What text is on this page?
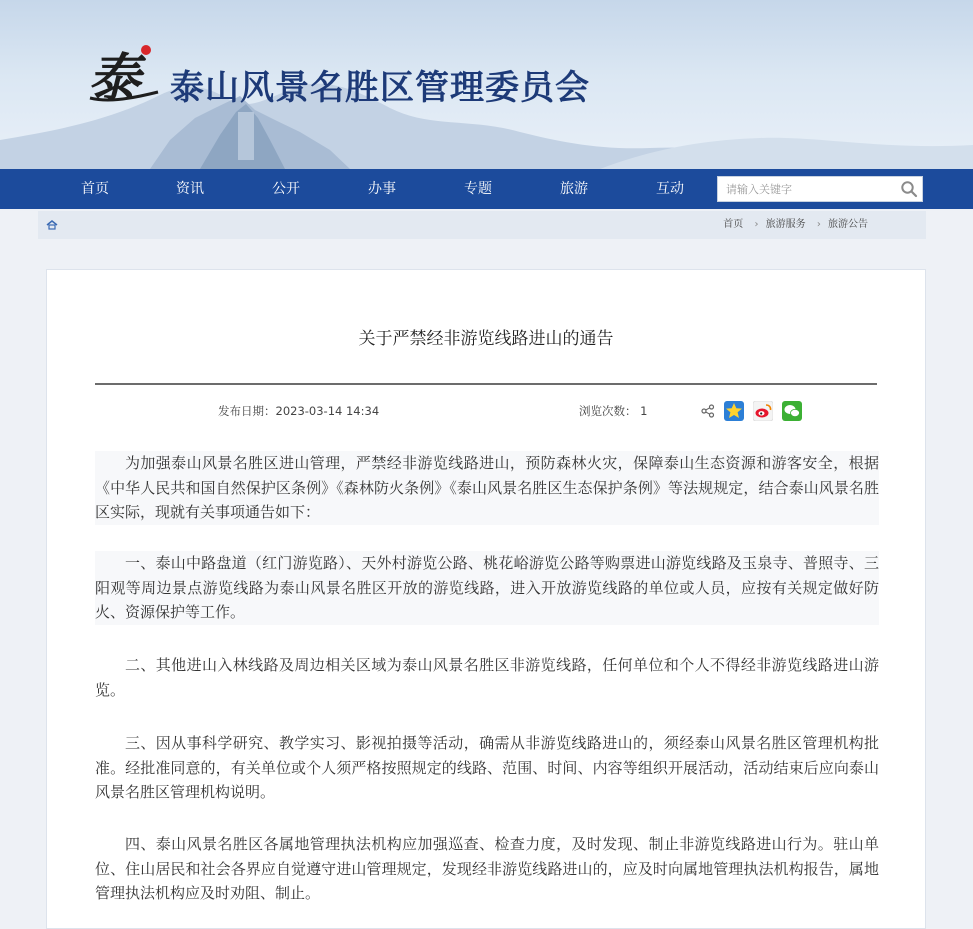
泰 泰山风景名胜区管理委员会
首页	资讯	公开	办事	专题	旅游	互动
请输入关键字
首页 › 旅游服务 › 旅游公告
关于严禁经非游览线路进山的通告
发布日期：2023-03-14 14:34	浏览次数： 1

为加强泰山风景名胜区进山管理，严禁经非游览线路进山，预防森林火灾，保障泰山生态资源和游客安全，根据《中华人民共和国自然保护区条例》《森林防火条例》《泰山风景名胜区生态保护条例》等法规规定，结合泰山风景名胜区实际，现就有关事项通告如下：

一、泰山中路盘道（红门游览路）、天外村游览公路、桃花峪游览公路等购票进山游览线路及玉泉寺、普照寺、三阳观等周边景点游览线路为泰山风景名胜区开放的游览线路，进入开放游览线路的单位或人员，应按有关规定做好防火、资源保护等工作。

二、其他进山入林线路及周边相关区域为泰山风景名胜区非游览线路，任何单位和个人不得经非游览线路进山游览。

三、因从事科学研究、教学实习、影视拍摄等活动，确需从非游览线路进山的，须经泰山风景名胜区管理机构批准。经批准同意的，有关单位或个人须严格按照规定的线路、范围、时间、内容等组织开展活动，活动结束后应向泰山风景名胜区管理机构说明。

四、泰山风景名胜区各属地管理执法机构应加强巡查、检查力度，及时发现、制止非游览线路进山行为。驻山单位、住山居民和社会各界应自觉遵守进山管理规定，发现经非游览线路进山的，应及时向属地管理执法机构报告，属地管理执法机构应及时劝阻、制止。
